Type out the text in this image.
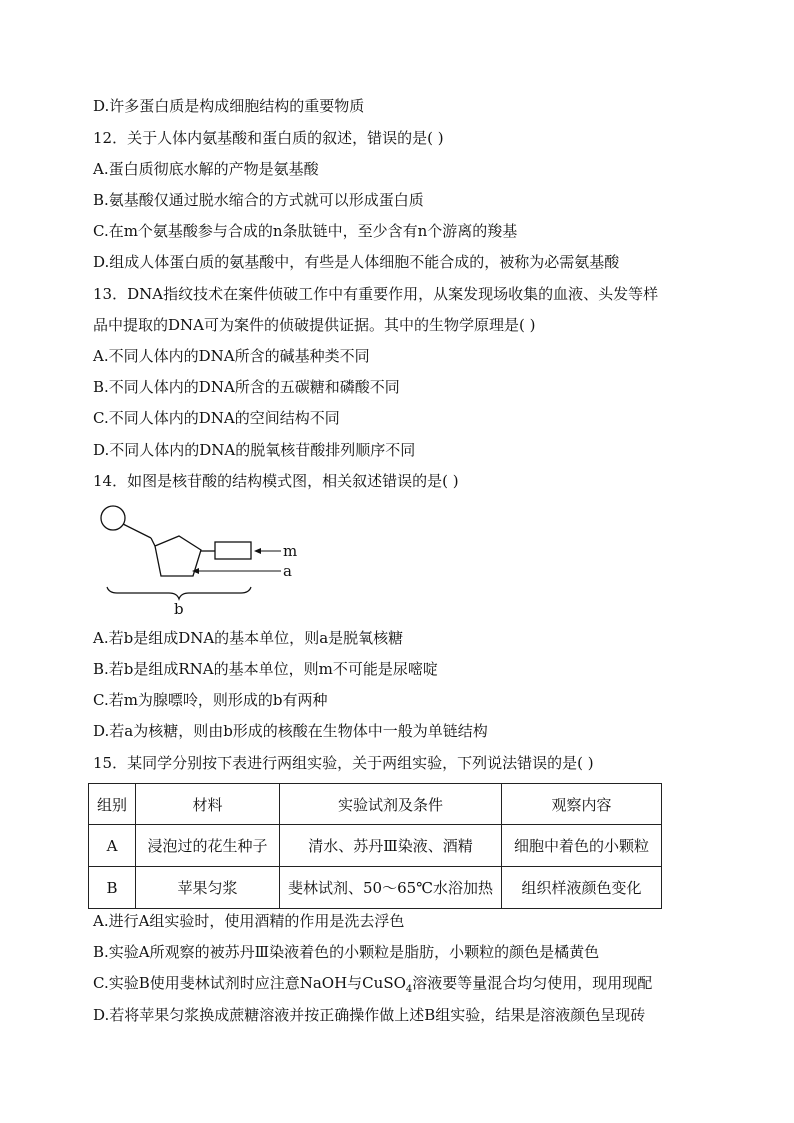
D.许多蛋白质是构成细胞结构的重要物质
12．关于人体内氨基酸和蛋白质的叙述，错误的是( )
A.蛋白质彻底水解的产物是氨基酸
B.氨基酸仅通过脱水缩合的方式就可以形成蛋白质
C.在m个氨基酸参与合成的n条肽链中，至少含有n个游离的羧基
D.组成人体蛋白质的氨基酸中，有些是人体细胞不能合成的，被称为必需氨基酸
13．DNA指纹技术在案件侦破工作中有重要作用，从案发现场收集的血液、头发等样
品中提取的DNA可为案件的侦破提供证据。其中的生物学原理是( )
A.不同人体内的DNA所含的碱基种类不同
B.不同人体内的DNA所含的五碳糖和磷酸不同
C.不同人体内的DNA的空间结构不同
D.不同人体内的DNA的脱氧核苷酸排列顺序不同
14．如图是核苷酸的结构模式图，相关叙述错误的是( )
m
a
b
A.若b是组成DNA的基本单位，则a是脱氧核糖
B.若b是组成RNA的基本单位，则m不可能是尿嘧啶
C.若m为腺嘌呤，则形成的b有两种
D.若a为核糖，则由b形成的核酸在生物体中一般为单链结构
15．某同学分别按下表进行两组实验，关于两组实验，下列说法错误的是( )
组别	材料	实验试剂及条件	观察内容
A	浸泡过的花生种子	清水、苏丹Ⅲ染液、酒精	细胞中着色的小颗粒
B	苹果匀浆	斐林试剂、50～65℃水浴加热	组织样液颜色变化
A.进行A组实验时，使用酒精的作用是洗去浮色
B.实验A所观察的被苏丹Ⅲ染液着色的小颗粒是脂肪，小颗粒的颜色是橘黄色
C.实验B使用斐林试剂时应注意NaOH与CuSO$_4$溶液要等量混合均匀使用，现用现配
D.若将苹果匀浆换成蔗糖溶液并按正确操作做上述B组实验，结果是溶液颜色呈现砖
